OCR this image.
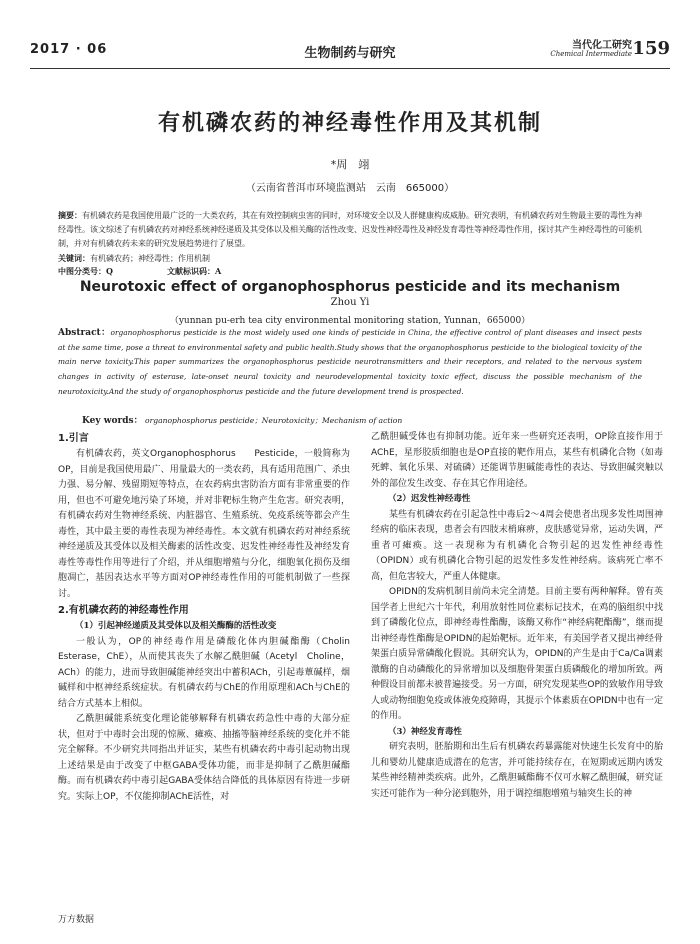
2017 · 06	生物制药与研究
当代化工研究
Chemical Intermediate 159
有机磷农药的神经毒性作用及其机制
*周　翊
（云南省普洱市环境监测站　云南　665000）
摘要：有机磷农药是我国使用最广泛的一大类农药，其在有效控制病虫害的同时，对环境安全以及人群健康构成威胁。研究表明，有机磷农药对生物最主要的毒性为神经毒性。该文综述了有机磷农药对神经系统神经递质及其受体以及相关酶的活性改变、迟发性神经毒性及神经发育毒性等神经毒性作用，探讨其产生神经毒性的可能机制，并对有机磷农药未来的研究发展趋势进行了展望。
关键词：有机磷农药；神经毒性；作用机制
中图分类号：Q	文献标识码：A
Neurotoxic effect of organophosphorus pesticide and its mechanism
Zhou Yi
（yunnan pu-erh tea city environmental monitoring station, Yunnan，665000）
Abstract：organophosphorus pesticide is the most widely used one kinds of pesticide in China, the effective control of plant diseases and insect pests at the same time, pose a threat to environmental safety and public health.Study shows that the organophosphorus pesticide to the biological toxicity of the main nerve toxicity.This paper summarizes the organophosphorus pesticide neurotransmitters and their receptors, and related to the nervous system changes in activity of esterase, late-onset neural toxicity and neurodevelopmental toxicity toxic effect, discuss the possible mechanism of the neurotoxicity.And the study of organophosphorus pesticide and the future development trend is prospected.
Key words： organophosphorus pesticide；Neurotoxicity；Mechanism of action
1.引言

有机磷农药，英文Organophosphorus　　Pesticide，一般简称为OP，目前是我国使用最广、用量最大的一类农药，具有适用范围广、杀虫力强、易分解、残留期短等特点，在农药病虫害防治方面有非常重要的作用，但也不可避免地污染了环境，并对非靶标生物产生危害。研究表明，有机磷农药对生物神经系统、内脏器官、生殖系统、免疫系统等都会产生毒性，其中最主要的毒性表现为神经毒性。本文就有机磷农药对神经系统神经递质及其受体以及相关酶素的活性改变、迟发性神经毒性及神经发育毒性等毒性作用等进行了介绍，并从细胞增殖与分化，细胞氧化损伤及细胞凋亡，基因表达水平等方面对OP神经毒性作用的可能机制做了一些探讨。

2.有机磷农药的神经毒性作用
（1）引起神经递质及其受体以及相关酶酶的活性改变

一般认为，OP的神经毒作用是磷酸化体内胆碱酯酶（Cholin Esterase，ChE），从而使其丧失了水解乙酰胆碱（Acetyl　Choline，ACh）的能力，进而导致胆碱能神经突出中蓄积ACh，引起毒蕈碱样，烟碱样和中枢神经系统症状。有机磷农药与ChE的作用原理和ACh与ChE的结合方式基本上相似。

乙酰胆碱能系统变化理论能够解释有机磷农药急性中毒的大部分症状，但对于中毒时会出现的惊厥、瘫痪、抽搐等脑神经系统的变化并不能完全解释。不少研究共同指出并证实，某些有机磷农药中毒引起动物出现上述结果是由于改变了中枢GABA受体功能，而非是抑制了乙酰胆碱酯酶。而有机磷农药中毒引起GABA受体结合降低的具体原因有待进一步研究。实际上OP，不仅能抑制AChE活性，对

乙酰胆碱受体也有抑制功能。近年来一些研究还表明，OP除直接作用于AChE，星形胶质细胞也是OP直接的靶作用点，某些有机磷化合物（如毒死蜱、氧化乐果、对硫磷）还能调节胆碱能毒性的表达、导致胆碱突触以外的部位发生改变、存在其它作用途径。

（2）迟发性神经毒性

某些有机磷农药在引起急性中毒后2～4周会使患者出现多发性周围神经病的临床表现，患者会有四肢末梢麻痹，皮肤感觉异常，运动失调，严重者可瘫痪。这一表现称为有机磷化合物引起的迟发性神经毒性（OPIDN）或有机磷化合物引起的迟发性多发性神经病。该病死亡率不高，但危害较大，严重人体健康。

OPIDN的发病机制目前尚未完全清楚。目前主要有两种解释。曾有英国学者上世纪六十年代，利用放射性同位素标记技术，在鸡的脑组织中找到了磷酸化位点，即神经毒性酯酶，该酶又称作“神经病靶酯酶”，继而提出神经毒性酯酶是OPIDN的起始靶标。近年来，有美国学者又提出神经骨架蛋白质异常磷酸化假说。其研究认为，OPIDN的产生是由于Ca/Ca调素激酶的自动磷酸化的异常增加以及细胞骨架蛋白质磷酸化的增加所致。两种假设目前都未被普遍接受。另一方面，研究发现某些OP的致敏作用导致人或动物细胞免疫或体液免疫障碍，其提示个体素质在OPIDN中也有一定的作用。

（3）神经发育毒性

研究表明，胚胎期和出生后有机磷农药暴露能对快速生长发育中的胎儿和婴幼儿健康造成潜在的危害，并可能持续存在，在短期或远期内诱发某些神经精神类疾病。此外，乙酰胆碱酯酶不仅可水解乙酰胆碱，研究证实还可能作为一种分泌到胞外，用于调控细胞增殖与轴突生长的神

万方数据
